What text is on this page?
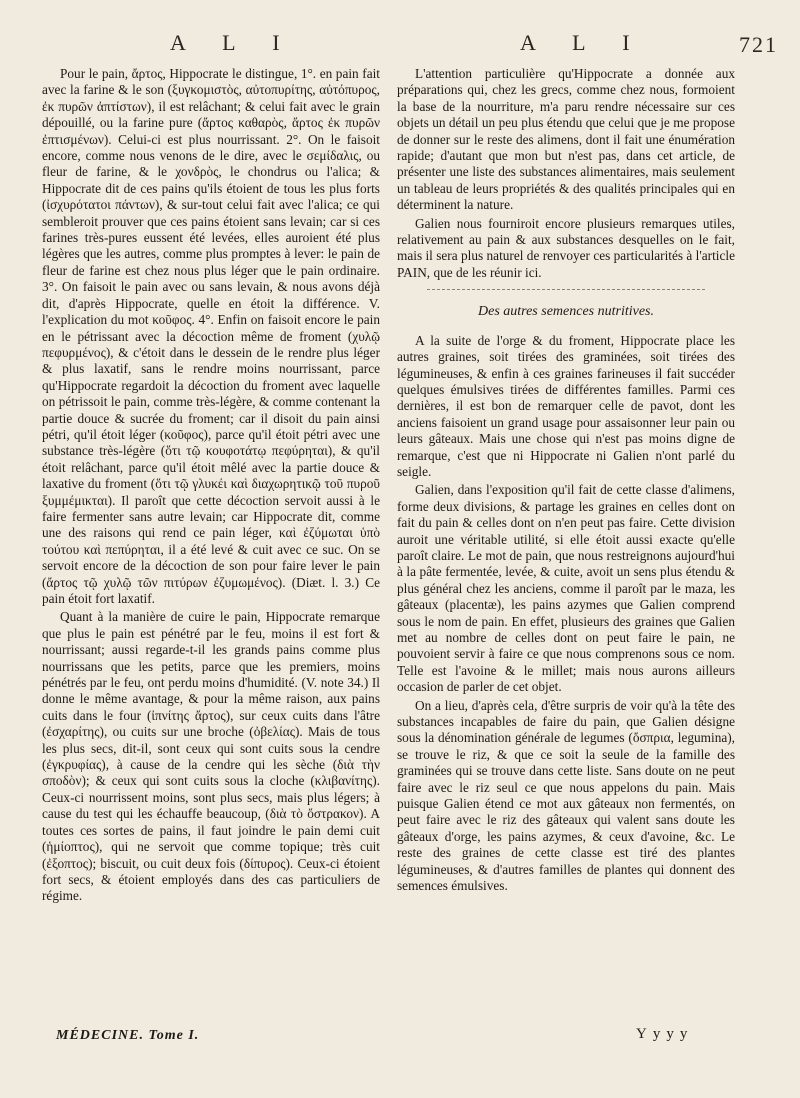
A L I	A L I	721

Pour le pain, ἄρτος, Hippocrate le distingue, 1°. en pain fait avec la farine & le son (ξυγκομιστὸς, αὐτοπυρίτης, αὐτόπυρος, ἐκ πυρῶν ἀπτίστων), il est relâchant; & celui fait avec le grain dépouillé, ou la farine pure (ἄρτος καθαρὸς, ἄρτος ἐκ πυρῶν ἐπτισμένων). Celui-ci est plus nourrissant. 2°. On le faisoit encore, comme nous venons de le dire, avec le σεμίδαλις, ou fleur de farine, & le χονδρὸς, le chondrus ou l'alica; & Hippocrate dit de ces pains qu'ils étoient de tous les plus forts (ἰσχυρότατοι πάντων), & sur-tout celui fait avec l'alica; ce qui sembleroit prouver que ces pains étoient sans levain; car si ces farines très-pures eussent été levées, elles auroient été plus légères que les autres, comme plus promptes à lever: le pain de fleur de farine est chez nous plus léger que le pain ordinaire. 3°. On faisoit le pain avec ou sans levain, & nous avons déjà dit, d'après Hippocrate, quelle en étoit la différence. V. l'explication du mot κοῦφος. 4°. Enfin on faisoit encore le pain en le pétrissant avec la décoction même de froment (χυλῷ πεφυρμένος), & c'étoit dans le dessein de le rendre plus léger & plus laxatif, sans le rendre moins nourrissant, parce qu'Hippocrate regardoit la décoction du froment avec laquelle on pétrissoit le pain, comme très-légère, & comme contenant la partie douce & sucrée du froment; car il disoit du pain ainsi pétri, qu'il étoit léger (κοῦφος), parce qu'il étoit pétri avec une substance très-légère (ὅτι τῷ κουφοτάτῳ πεφύρηται), & qu'il étoit relâchant, parce qu'il étoit mêlé avec la partie douce & laxative du froment (ὅτι τῷ γλυκέι καὶ διαχωρητικῷ τοῦ πυροῦ ξυμμέμικται). Il paroît que cette décoction servoit aussi à le faire fermenter sans autre levain; car Hippocrate dit, comme une des raisons qui rend ce pain léger, καὶ ἐζύμωται ὑπὸ τούτου καὶ πεπύρηται, il a été levé & cuit avec ce suc. On se servoit encore de la décoction de son pour faire lever le pain (ἄρτος τῷ χυλῷ τῶν πιτύρων ἐζυμωμένος). (Diæt. l. 3.) Ce pain étoit fort laxatif.

Quant à la manière de cuire le pain, Hippocrate remarque que plus le pain est pénétré par le feu, moins il est fort & nourrissant; aussi regarde-t-il les grands pains comme plus nourrissans que les petits, parce que les premiers, moins pénétrés par le feu, ont perdu moins d'humidité. (V. note 34.) Il donne le même avantage, & pour la même raison, aux pains cuits dans le four (ἰπνίτης ἄρτος), sur ceux cuits dans l'âtre (ἐσχαρίτης), ou cuits sur une broche (ὀβελίας). Mais de tous les plus secs, dit-il, sont ceux qui sont cuits sous la cendre (ἐγκρυφίας), à cause de la cendre qui les sèche (διὰ τὴν σποδὸν); & ceux qui sont cuits sous la cloche (κλιβανίτης). Ceux-ci nourrissent moins, sont plus secs, mais plus légers; à cause du test qui les échauffe beaucoup, (διὰ τὸ ὄστρακον). A toutes ces sortes de pains, il faut joindre le pain demi cuit (ἡμίοπτος), qui ne servoit que comme topique; très cuit (ἐξοπτος); biscuit, ou cuit deux fois (δίπυρος). Ceux-ci étoient fort secs, & étoient employés dans des cas particuliers de régime.

L'attention particulière qu'Hippocrate a donnée aux préparations qui, chez les grecs, comme chez nous, formoient la base de la nourriture, m'a paru rendre nécessaire sur ces objets un détail un peu plus étendu que celui que je me propose de donner sur le reste des alimens, dont il fait une énumération rapide; d'autant que mon but n'est pas, dans cet article, de présenter une liste des substances alimentaires, mais seulement un tableau de leurs propriétés & des qualités principales qui en déterminent la nature.

Galien nous fourniroit encore plusieurs remarques utiles, relativement au pain & aux substances desquelles on le fait, mais il sera plus naturel de renvoyer ces particularités à l'article PAIN, que de les réunir ici.

Des autres semences nutritives.

A la suite de l'orge & du froment, Hippocrate place les autres graines, soit tirées des graminées, soit tirées des légumineuses, & enfin à ces graines farineuses il fait succéder quelques émulsives tirées de différentes familles. Parmi ces dernières, il est bon de remarquer celle de pavot, dont les anciens faisoient un grand usage pour assaisonner leur pain ou leurs gâteaux. Mais une chose qui n'est pas moins digne de remarque, c'est que ni Hippocrate ni Galien n'ont parlé du seigle.

Galien, dans l'exposition qu'il fait de cette classe d'alimens, forme deux divisions, & partage les graines en celles dont on fait du pain & celles dont on n'en peut pas faire. Cette division auroit une véritable utilité, si elle étoit aussi exacte qu'elle paroît claire. Le mot de pain, que nous restreignons aujourd'hui à la pâte fermentée, levée, & cuite, avoit un sens plus étendu & plus général chez les anciens, comme il paroît par le maza, les gâteaux (placentæ), les pains azymes que Galien comprend sous le nom de pain. En effet, plusieurs des graines que Galien met au nombre de celles dont on peut faire le pain, ne pouvoient servir à faire ce que nous comprenons sous ce nom. Telle est l'avoine & le millet; mais nous aurons ailleurs occasion de parler de cet objet.

On a lieu, d'après cela, d'être surpris de voir qu'à la tête des substances incapables de faire du pain, que Galien désigne sous la dénomination générale de legumes (ὄσπρια, legumina), se trouve le riz, & que ce soit la seule de la famille des graminées qui se trouve dans cette liste. Sans doute on ne peut faire avec le riz seul ce que nous appelons du pain. Mais puisque Galien étend ce mot aux gâteaux non fermentés, on peut faire avec le riz des gâteaux qui valent sans doute les gâteaux d'orge, les pains azymes, & ceux d'avoine, &c. Le reste des graines de cette classe est tiré des plantes légumineuses, & d'autres familles de plantes qui donnent des semences émulsives.

MÉDECINE. Tome I.	Yyyy
